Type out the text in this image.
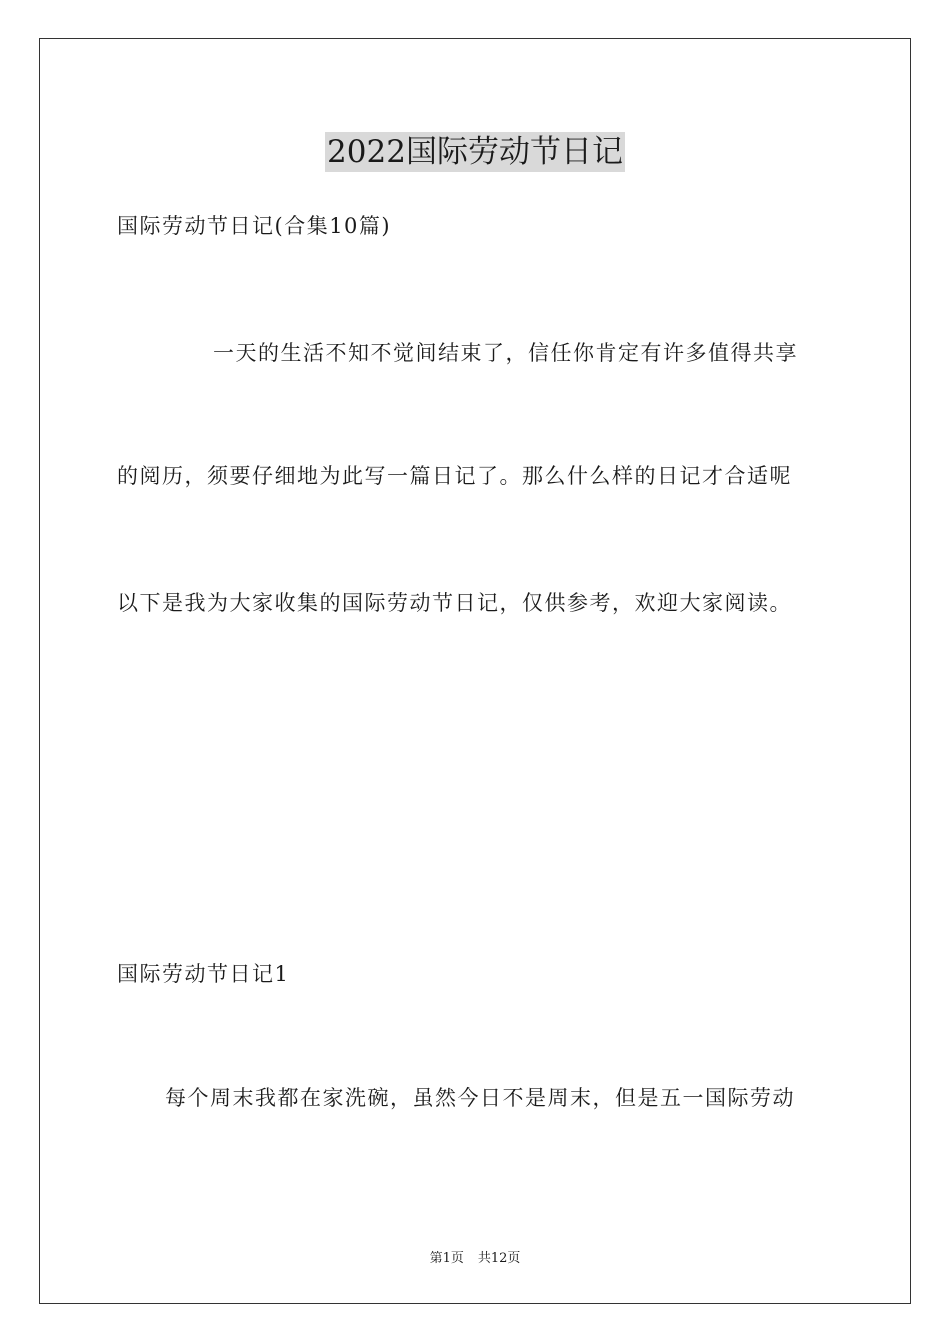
2022国际劳动节日记
国际劳动节日记(合集10篇)
一天的生活不知不觉间结束了，信任你肯定有许多值得共享
的阅历，须要仔细地为此写一篇日记了。那么什么样的日记才合适呢
以下是我为大家收集的国际劳动节日记，仅供参考，欢迎大家阅读。
国际劳动节日记1
每个周末我都在家洗碗，虽然今日不是周末，但是五一国际劳动
第1页 共12页
